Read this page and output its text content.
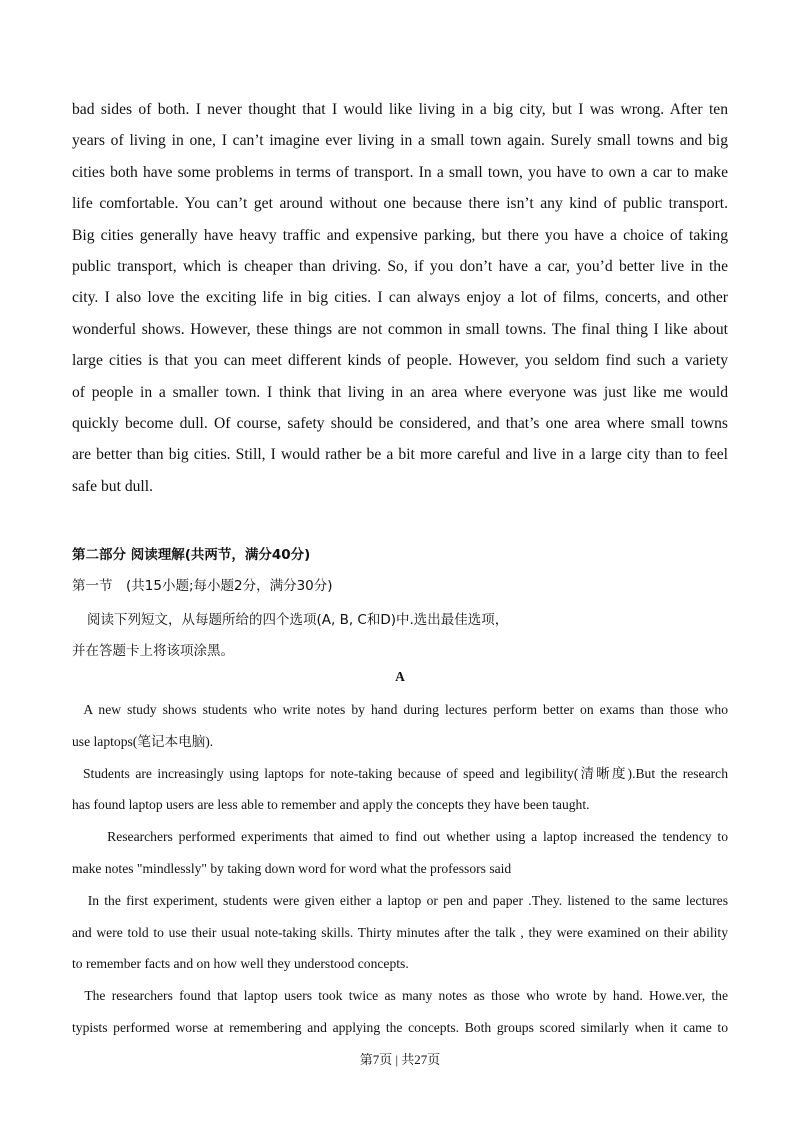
bad sides of both. I never thought that I would like living in a big city, but I was wrong. After ten
years of living in one, I can’t imagine ever living in a small town again. Surely small towns and big
cities both have some problems in terms of transport. In a small town, you have to own a car to make
life comfortable. You can’t get around without one because there isn’t any kind of public transport.
Big cities generally have heavy traffic and expensive parking, but there you have a choice of taking
public transport, which is cheaper than driving. So, if you don’t have a car, you’d better live in the
city. I also love the exciting life in big cities. I can always enjoy a lot of films, concerts, and other
wonderful shows. However, these things are not common in small towns. The final thing I like about
large cities is that you can meet different kinds of people. However, you seldom find such a variety
of people in a smaller town. I think that living in an area where everyone was just like me would
quickly become dull. Of course, safety should be considered, and that’s one area where small towns
are better than big cities. Still, I would rather be a bit more careful and live in a large city than to feel
safe but dull.
第二部分 阅读理解(共两节，满分40分)
第一节　(共15小题;每小题2分，满分30分)
阅读下列短文，从每题所给的四个选项(A, B, C和D)中.选出最佳选项，
并在答题卡上将该项涂黑。
A
A new study shows students who write notes by hand during lectures perform better on exams than those who
use laptops(笔记本电脑).
Students are increasingly using laptops for note-taking because of speed and legibility(清晰度).But the research
has found laptop users are less able to remember and apply the concepts they have been taught.
Researchers performed experiments that aimed to find out whether using a laptop increased the tendency to
make notes "mindlessly" by taking down word for word what the professors said
In the first experiment, students were given either a laptop or pen and paper .They. listened to the same lectures
and were told to use their usual note-taking skills. Thirty minutes after the talk , they were examined on their ability
to remember facts and on how well they understood concepts.
The researchers found that laptop users took twice as many notes as those who wrote by hand. Howe.ver, the
typists performed worse at remembering and applying the concepts. Both groups scored similarly when it came to
第7页 | 共27页
